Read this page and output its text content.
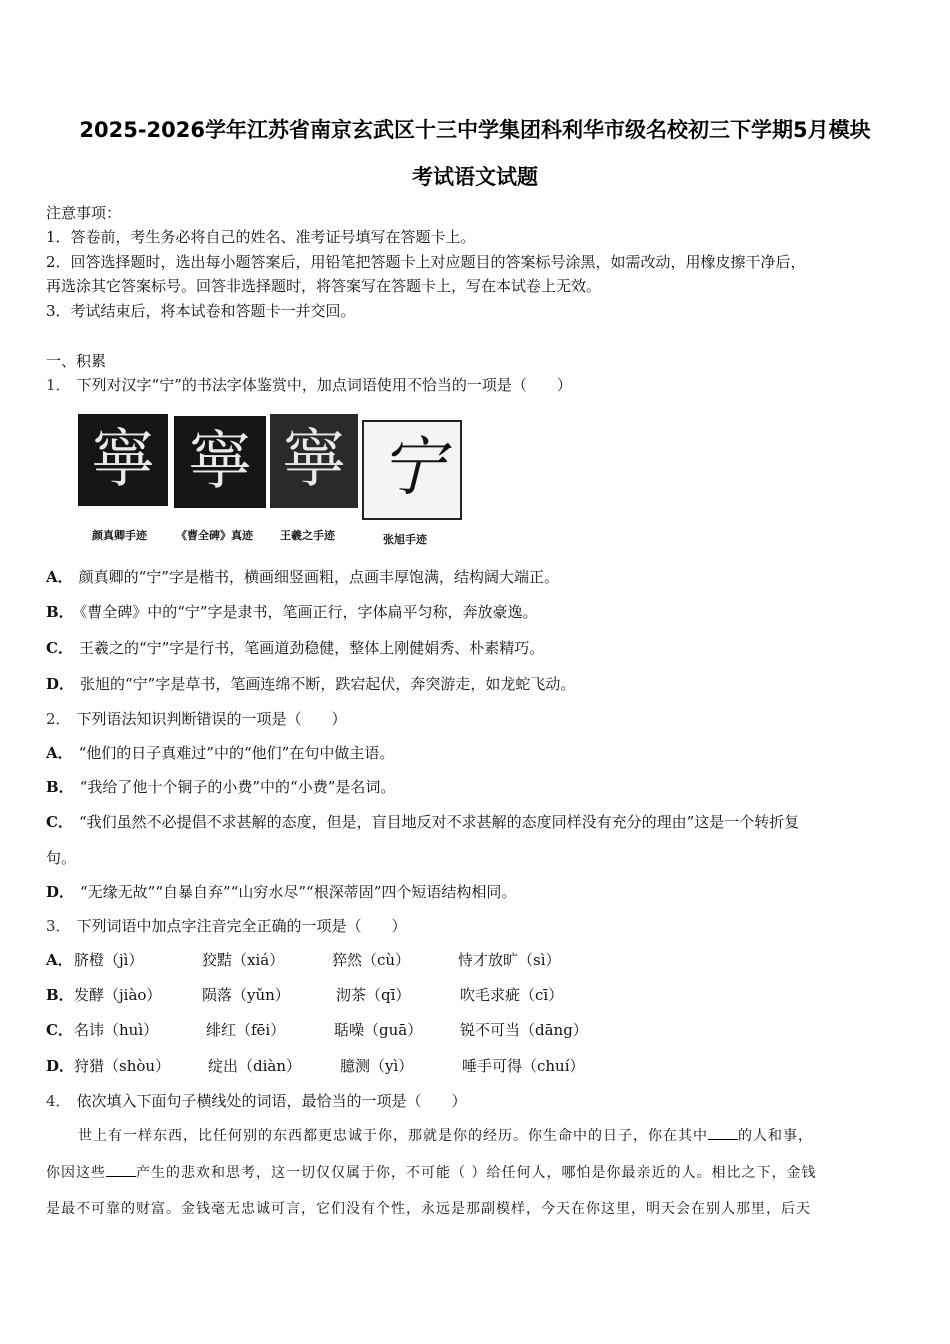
2025-2026学年江苏省南京玄武区十三中学集团科利华市级名校初三下学期5月模块
考试语文试题
注意事项：
1．答卷前，考生务必将自己的姓名、准考证号填写在答题卡上。
2．回答选择题时，选出每小题答案后，用铅笔把答题卡上对应题目的答案标号涂黑，如需改动，用橡皮擦干净后，
再选涂其它答案标号。回答非选择题时，将答案写在答题卡上，写在本试卷上无效。
3．考试结束后，将本试卷和答题卡一并交回。
一、积累
1． 下列对汉字“宁”的书法字体鉴赏中，加点词语使用不恰当的一项是（　　）
寧 寧 寧 宁
颜真卿手迹	《曹全碑》真迹 王羲之手迹	张旭手迹
A． 颜真卿的“宁”字是楷书，横画细竖画粗，点画丰厚饱满，结构阔大端正。
B． 《曹全碑》中的“宁”字是隶书，笔画正行，字体扁平匀称，奔放豪逸。
C． 王羲之的“宁”字是行书，笔画道劲稳健，整体上刚健娟秀、朴素精巧。
D． 张旭的“宁”字是草书，笔画连绵不断，跌宕起伏，奔突游走，如龙蛇飞动。
2． 下列语法知识判断错误的一项是（　　）
A． “他们的日子真难过”中的“他们”在句中做主语。
B． “我给了他十个铜子的小费”中的“小费”是名词。
C． “我们虽然不必提倡不求甚解的态度，但是，盲目地反对不求甚解的态度同样没有充分的理由”这是一个转折复
句。
D． “无缘无故”“自暴自弃”“山穷水尽”“根深蒂固”四个短语结构相同。
3． 下列词语中加点字注音完全正确的一项是（　　）
A． 脐橙（jì）	狡黠（xiá）	猝然（cù）	恃才放旷（sì）
B． 发酵（jiào）	陨落（yǔn）	沏茶（qī）	吹毛求疵（cī）
C． 名讳（huì）	绯红（fēi）	聒噪（guā）	锐不可当（dāng）
D． 狩猎（shòu）	绽出（diàn）	臆测（yì）	唾手可得（chuí）
4． 依次填入下面句子横线处的词语，最恰当的一项是（　　）
世上有一样东西，比任何别的东西都更忠诚于你，那就是你的经历。你生命中的日子，你在其中 的人和事，
你因这些 产生的悲欢和思考，这一切仅仅属于你，不可能（ ）给任何人，哪怕是你最亲近的人。相比之下，金钱
是最不可靠的财富。金钱毫无忠诚可言，它们没有个性，永远是那副模样，今天在你这里，明天会在别人那里，后天
